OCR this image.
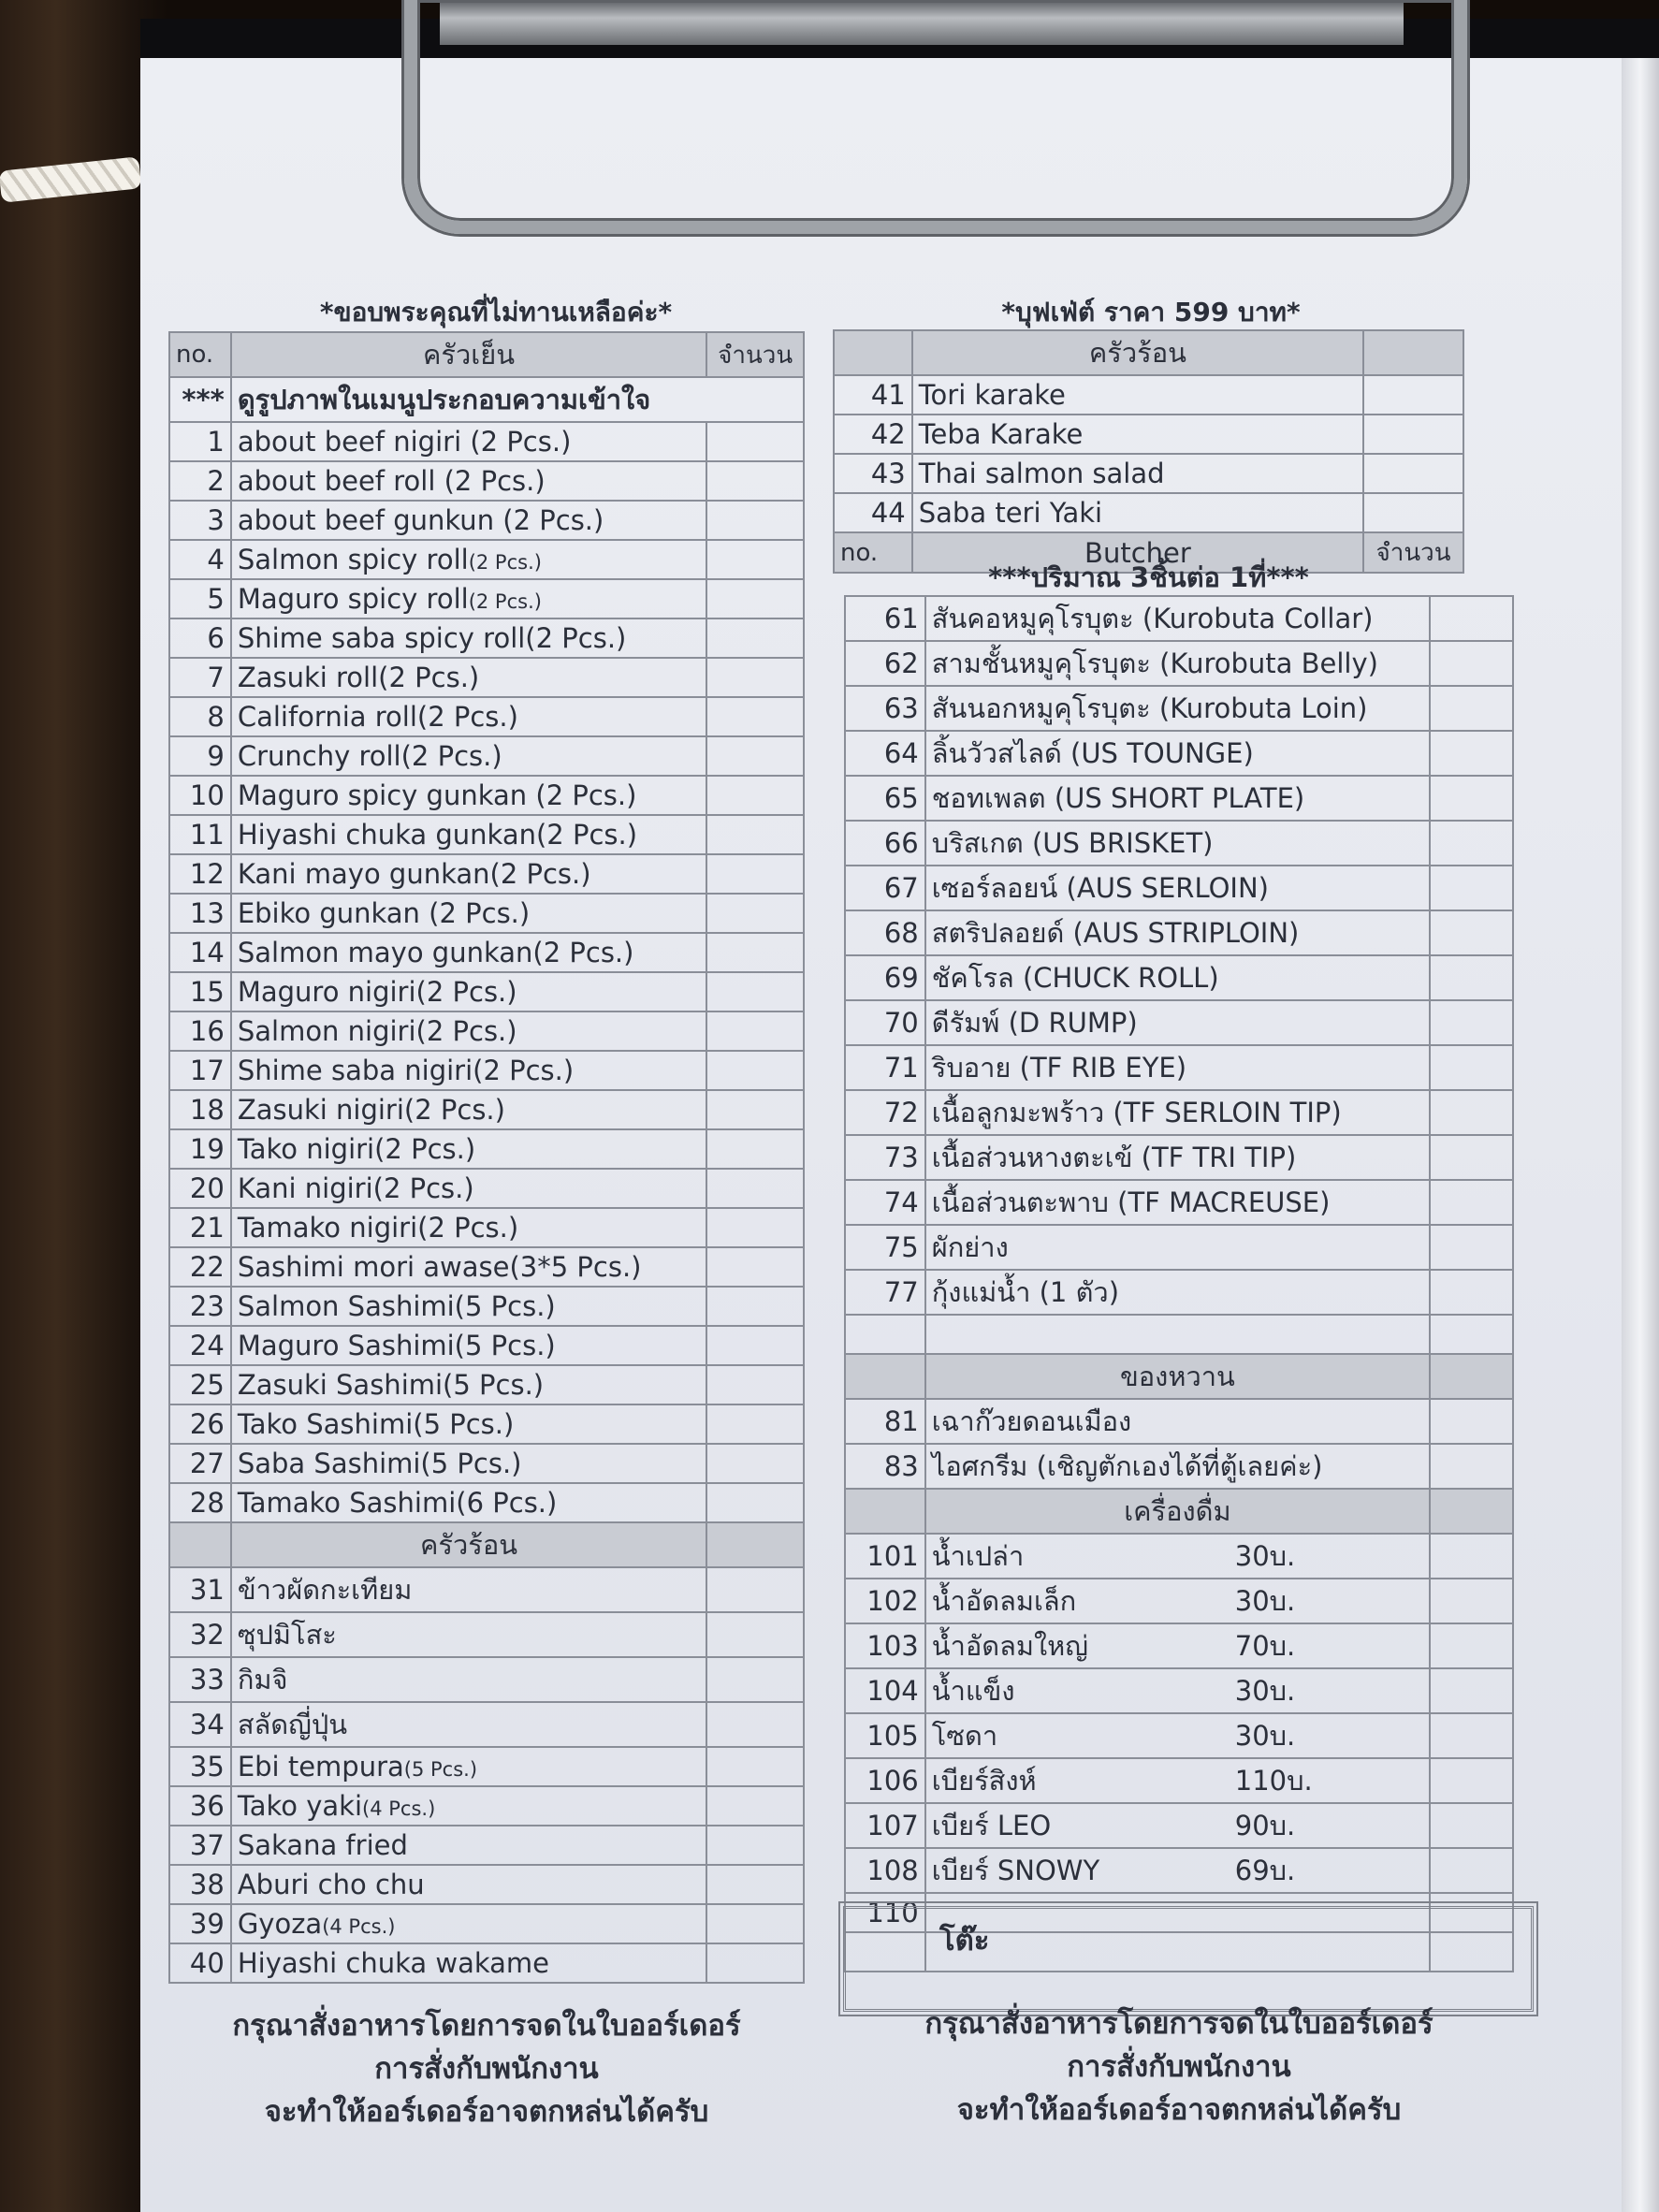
*ขอบพระคุณที่ไม่ทานเหลือค่ะ*
no.	ครัวเย็น	จำนวน
***	ดูรูปภาพในเมนูประกอบความเข้าใจ	
1	about beef nigiri (2 Pcs.)	
2	about beef roll (2 Pcs.)	
3	about beef gunkun (2 Pcs.)	
4	Salmon spicy roll(2 Pcs.)	
5	Maguro spicy roll(2 Pcs.)	
6	Shime saba spicy roll(2 Pcs.)	
7	Zasuki roll(2 Pcs.)	
8	California roll(2 Pcs.)	
9	Crunchy roll(2 Pcs.)	
10	Maguro spicy gunkan (2 Pcs.)	
11	Hiyashi chuka gunkan(2 Pcs.)	
12	Kani mayo gunkan(2 Pcs.)	
13	Ebiko gunkan (2 Pcs.)	
14	Salmon mayo gunkan(2 Pcs.)	
15	Maguro nigiri(2 Pcs.)	
16	Salmon nigiri(2 Pcs.)	
17	Shime saba nigiri(2 Pcs.)	
18	Zasuki nigiri(2 Pcs.)	
19	Tako nigiri(2 Pcs.)	
20	Kani nigiri(2 Pcs.)	
21	Tamako nigiri(2 Pcs.)	
22	Sashimi mori awase(3*5 Pcs.)	
23	Salmon Sashimi(5 Pcs.)	
24	Maguro Sashimi(5 Pcs.)	
25	Zasuki Sashimi(5 Pcs.)	
26	Tako Sashimi(5 Pcs.)	
27	Saba Sashimi(5 Pcs.)	
28	Tamako Sashimi(6 Pcs.)	
	ครัวร้อน	
31	ข้าวผัดกะเทียม	
32	ซุปมิโสะ	
33	กิมจิ	
34	สลัดญี่ปุ่น	
35	Ebi tempura(5 Pcs.)	
36	Tako yaki(4 Pcs.)	
37	Sakana fried	
38	Aburi cho chu	
39	Gyoza(4 Pcs.)	
40	Hiyashi chuka wakame	
กรุณาสั่งอาหารโดยการจดในใบออร์เดอร์
การสั่งกับพนักงาน
จะทำให้ออร์เดอร์อาจตกหล่นได้ครับ
*บุฟเฟ่ต์ ราคา 599 บาท*
	ครัวร้อน	
41	Tori karake	
42	Teba Karake	
43	Thai salmon salad	
44	Saba teri Yaki	
no.	Butcher	จำนวน
***ปริมาณ 3ชิ้นต่อ 1ที่***
61	สันคอหมูคุโรบุตะ (Kurobuta Collar)	
62	สามชั้นหมูคุโรบุตะ (Kurobuta Belly)	
63	สันนอกหมูคุโรบุตะ (Kurobuta Loin)	
64	ลิ้นวัวสไลด์ (US TOUNGE)	
65	ชอทเพลต (US SHORT PLATE)	
66	บริสเกต (US BRISKET)	
67	เซอร์ลอยน์ (AUS SERLOIN)	
68	สตริปลอยด์ (AUS STRIPLOIN)	
69	ชัคโรล (CHUCK ROLL)	
70	ดีรัมพ์ (D RUMP)	
71	ริบอาย (TF RIB EYE)	
72	เนื้อลูกมะพร้าว (TF SERLOIN TIP)	
73	เนื้อส่วนหางตะเข้ (TF TRI TIP)	
74	เนื้อส่วนตะพาบ (TF MACREUSE)	
75	ผักย่าง	
77	กุ้งแม่น้ำ (1 ตัว)	

	ของหวาน	
81	เฉาก๊วยดอนเมือง	
83	ไอศกรีม (เชิญตักเองได้ที่ตู้เลยค่ะ)	
	เครื่องดื่ม	
101	น้ำเปล่า 30บ.	

102	น้ำอัดลมเล็ก 30บ.	

103	น้ำอัดลมใหญ่ 70บ.	

104	น้ำแข็ง 30บ.	

105	โซดา 30บ.	

106	เบียร์สิงห์ 110บ.	

107	เบียร์ LEO 90บ.	

108	เบียร์ SNOWY 69บ.	

110	

โต๊ะ
กรุณาสั่งอาหารโดยการจดในใบออร์เดอร์
การสั่งกับพนักงาน
จะทำให้ออร์เดอร์อาจตกหล่นได้ครับ
